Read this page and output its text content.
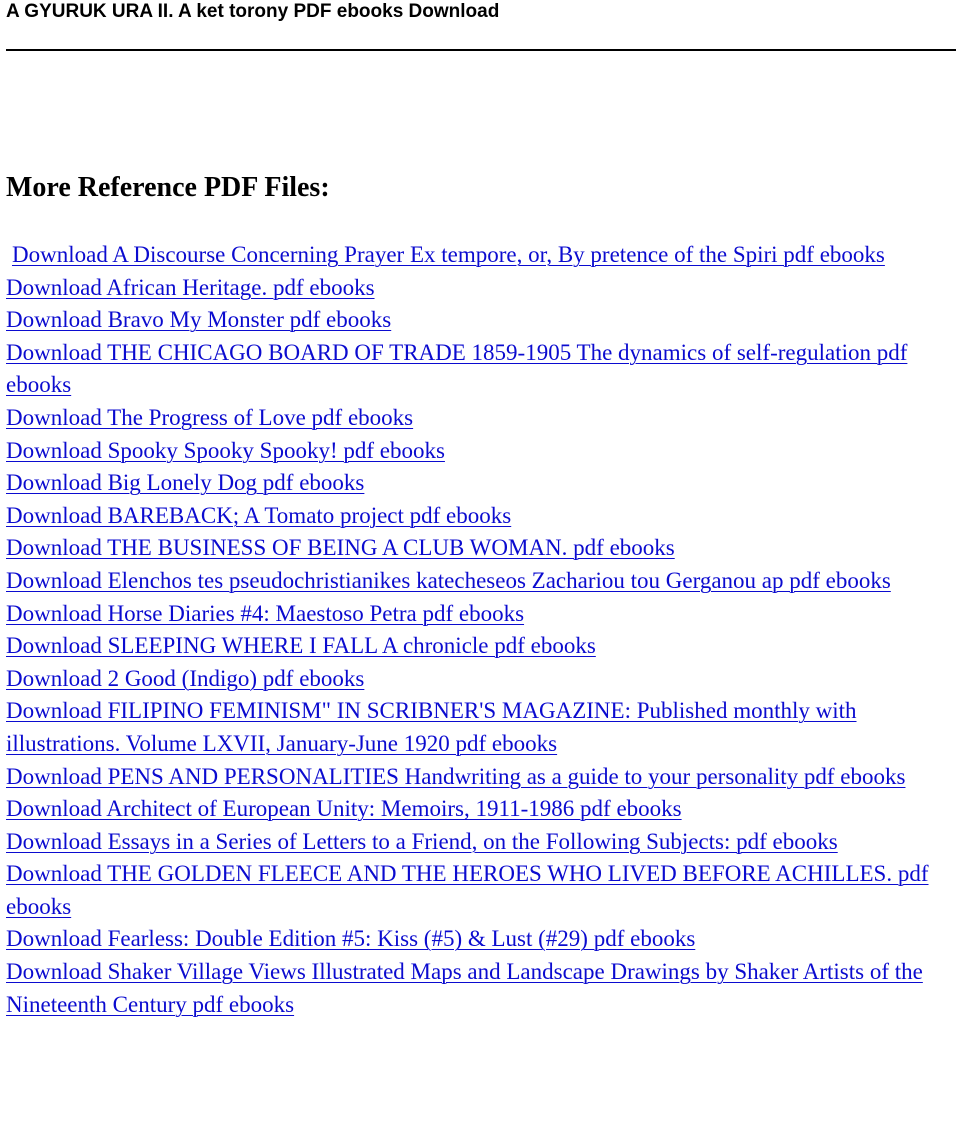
A GYURUK URA II. A ket torony PDF ebooks Download
More Reference PDF Files:
Download A Discourse Concerning Prayer Ex tempore, or, By pretence of the Spiri pdf ebooks
Download African Heritage. pdf ebooks
Download Bravo My Monster pdf ebooks
Download THE CHICAGO BOARD OF TRADE 1859-1905 The dynamics of self-regulation pdf ebooks
Download The Progress of Love pdf ebooks
Download Spooky Spooky Spooky! pdf ebooks
Download Big Lonely Dog pdf ebooks
Download BAREBACK; A Tomato project pdf ebooks
Download THE BUSINESS OF BEING A CLUB WOMAN. pdf ebooks
Download Elenchos tes pseudochristianikes katecheseos Zachariou tou Gerganou ap pdf ebooks
Download Horse Diaries #4: Maestoso Petra pdf ebooks
Download SLEEPING WHERE I FALL A chronicle pdf ebooks
Download 2 Good (Indigo) pdf ebooks
Download FILIPINO FEMINISM" IN SCRIBNER'S MAGAZINE: Published monthly with illustrations. Volume LXVII, January-June 1920 pdf ebooks
Download PENS AND PERSONALITIES Handwriting as a guide to your personality pdf ebooks
Download Architect of European Unity: Memoirs, 1911-1986 pdf ebooks
Download Essays in a Series of Letters to a Friend, on the Following Subjects: pdf ebooks
Download THE GOLDEN FLEECE AND THE HEROES WHO LIVED BEFORE ACHILLES. pdf ebooks
Download Fearless: Double Edition #5: Kiss (#5) & Lust (#29) pdf ebooks
Download Shaker Village Views Illustrated Maps and Landscape Drawings by Shaker Artists of the Nineteenth Century pdf ebooks
